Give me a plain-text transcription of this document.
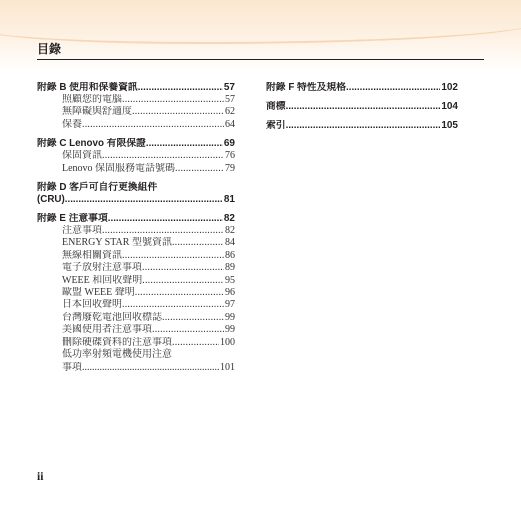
目錄
附錄 B 使用和保養資訊 .....	57
照顧您的電腦 .....	57
無障礙與舒適度 .....	62
保養 .....	64
附錄 C Lenovo 有限保證 .....	69
保固資訊 .....	76
Lenovo 保固服務電話號碼 .....	79
附錄 D 客戶可自行更換組件
(CRU) .....	81
附錄 E 注意事項 .....	82
注意事項 .....	82
ENERGY STAR 型號資訊 .....	84
無線相關資訊 .....	86
電子放射注意事項 .....	89
WEEE 和回收聲明 .....	95
歐盟 WEEE 聲明 .....	96
日本回收聲明 .....	97
台灣廢乾電池回收標誌 .....	99
美國使用者注意事項 .....	99
刪除硬碟資料的注意事項 .....	100
低功率射頻電機使用注意
事項 .....	101
附錄 F 特性及規格 .....	102
商標 .....	104
索引 .....	105
ii
